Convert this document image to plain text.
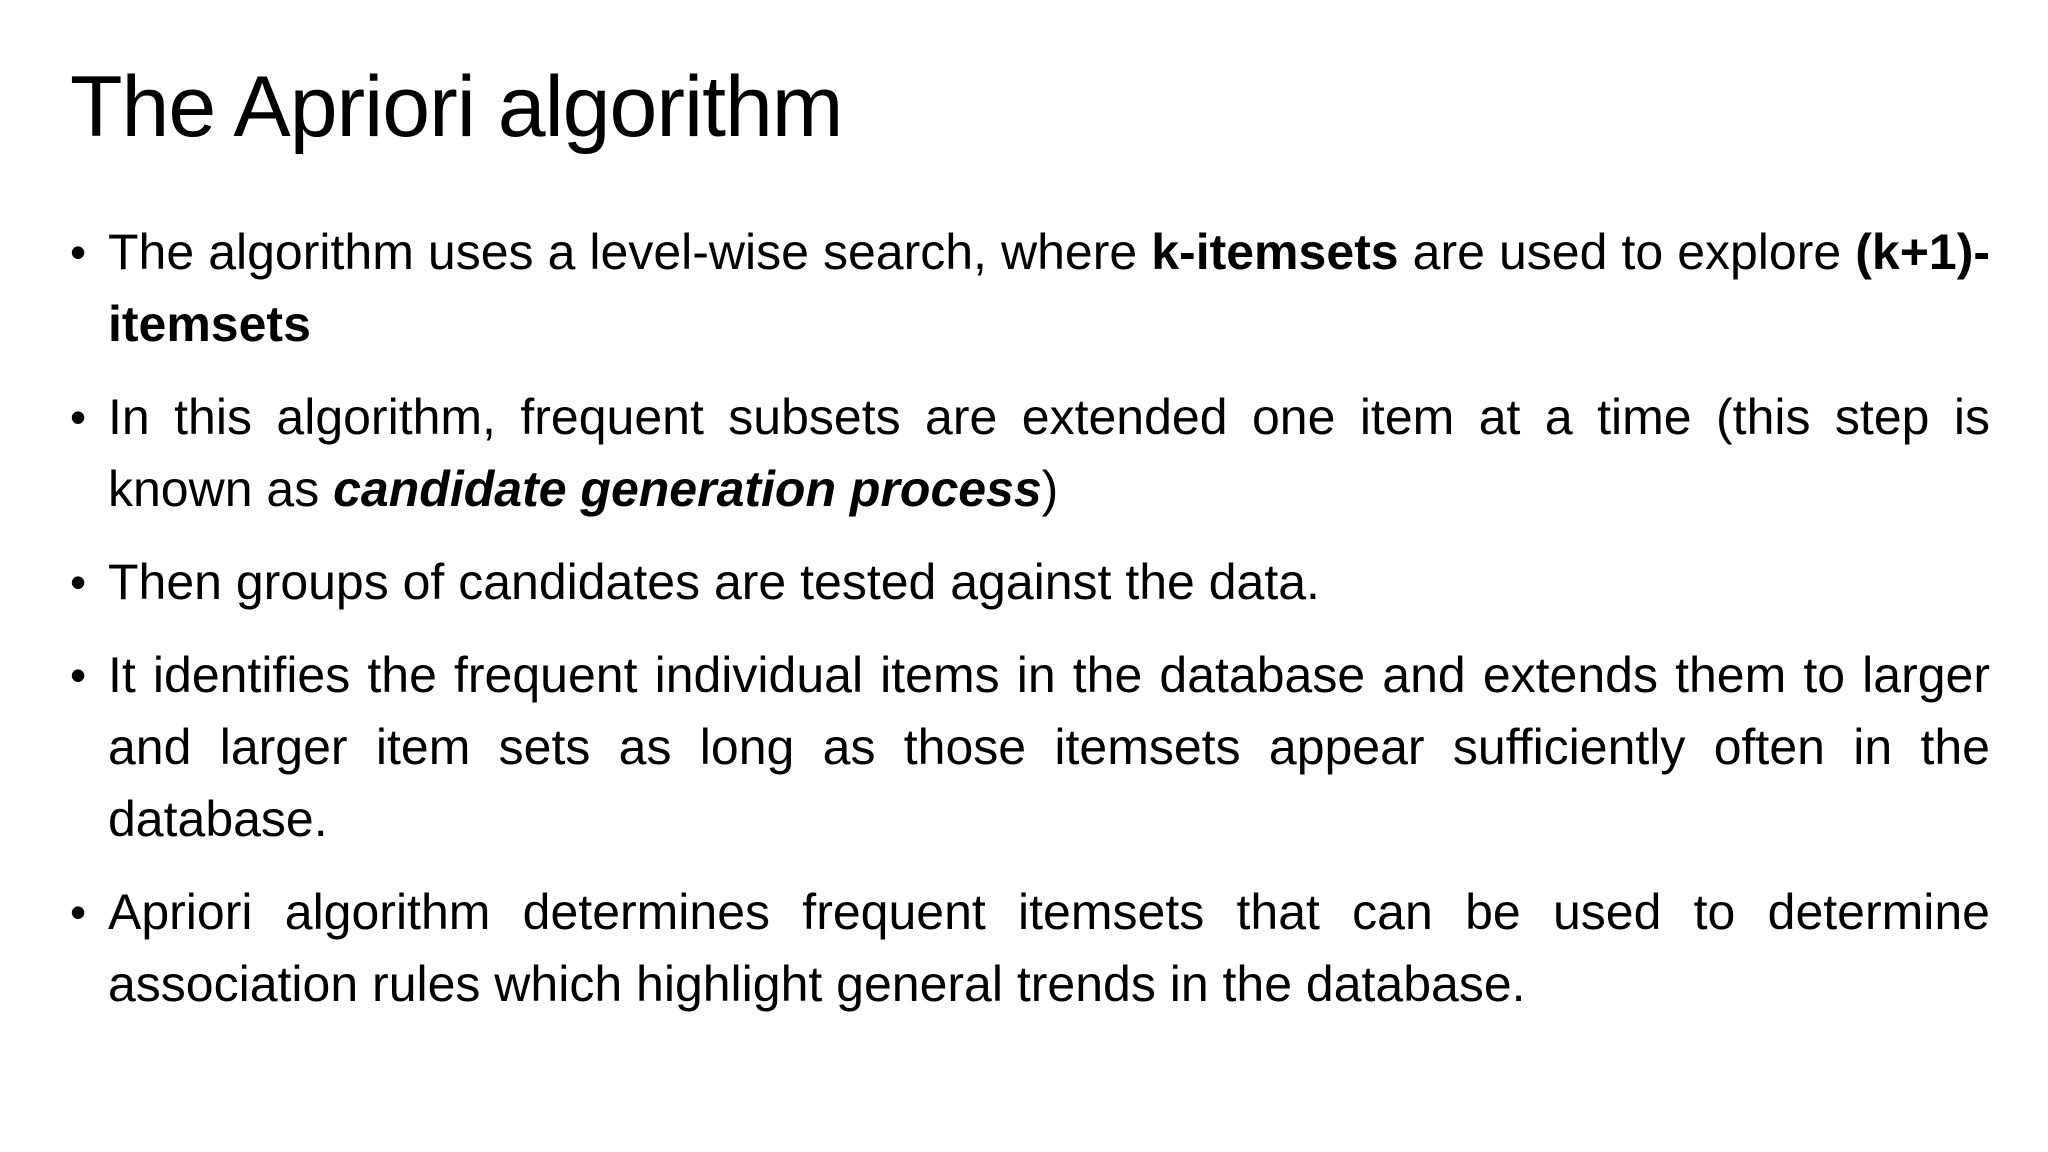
The Apriori algorithm
• The algorithm uses a level-wise search, where k-itemsets are used to explore (k+1)-itemsets
• In this algorithm, frequent subsets are extended one item at a time (this step is known as candidate generation process)
• Then groups of candidates are tested against the data.
• It identifies the frequent individual items in the database and extends them to larger and larger item sets as long as those itemsets appear sufficiently often in the database.
• Apriori algorithm determines frequent itemsets that can be used to determine association rules which highlight general trends in the database.
